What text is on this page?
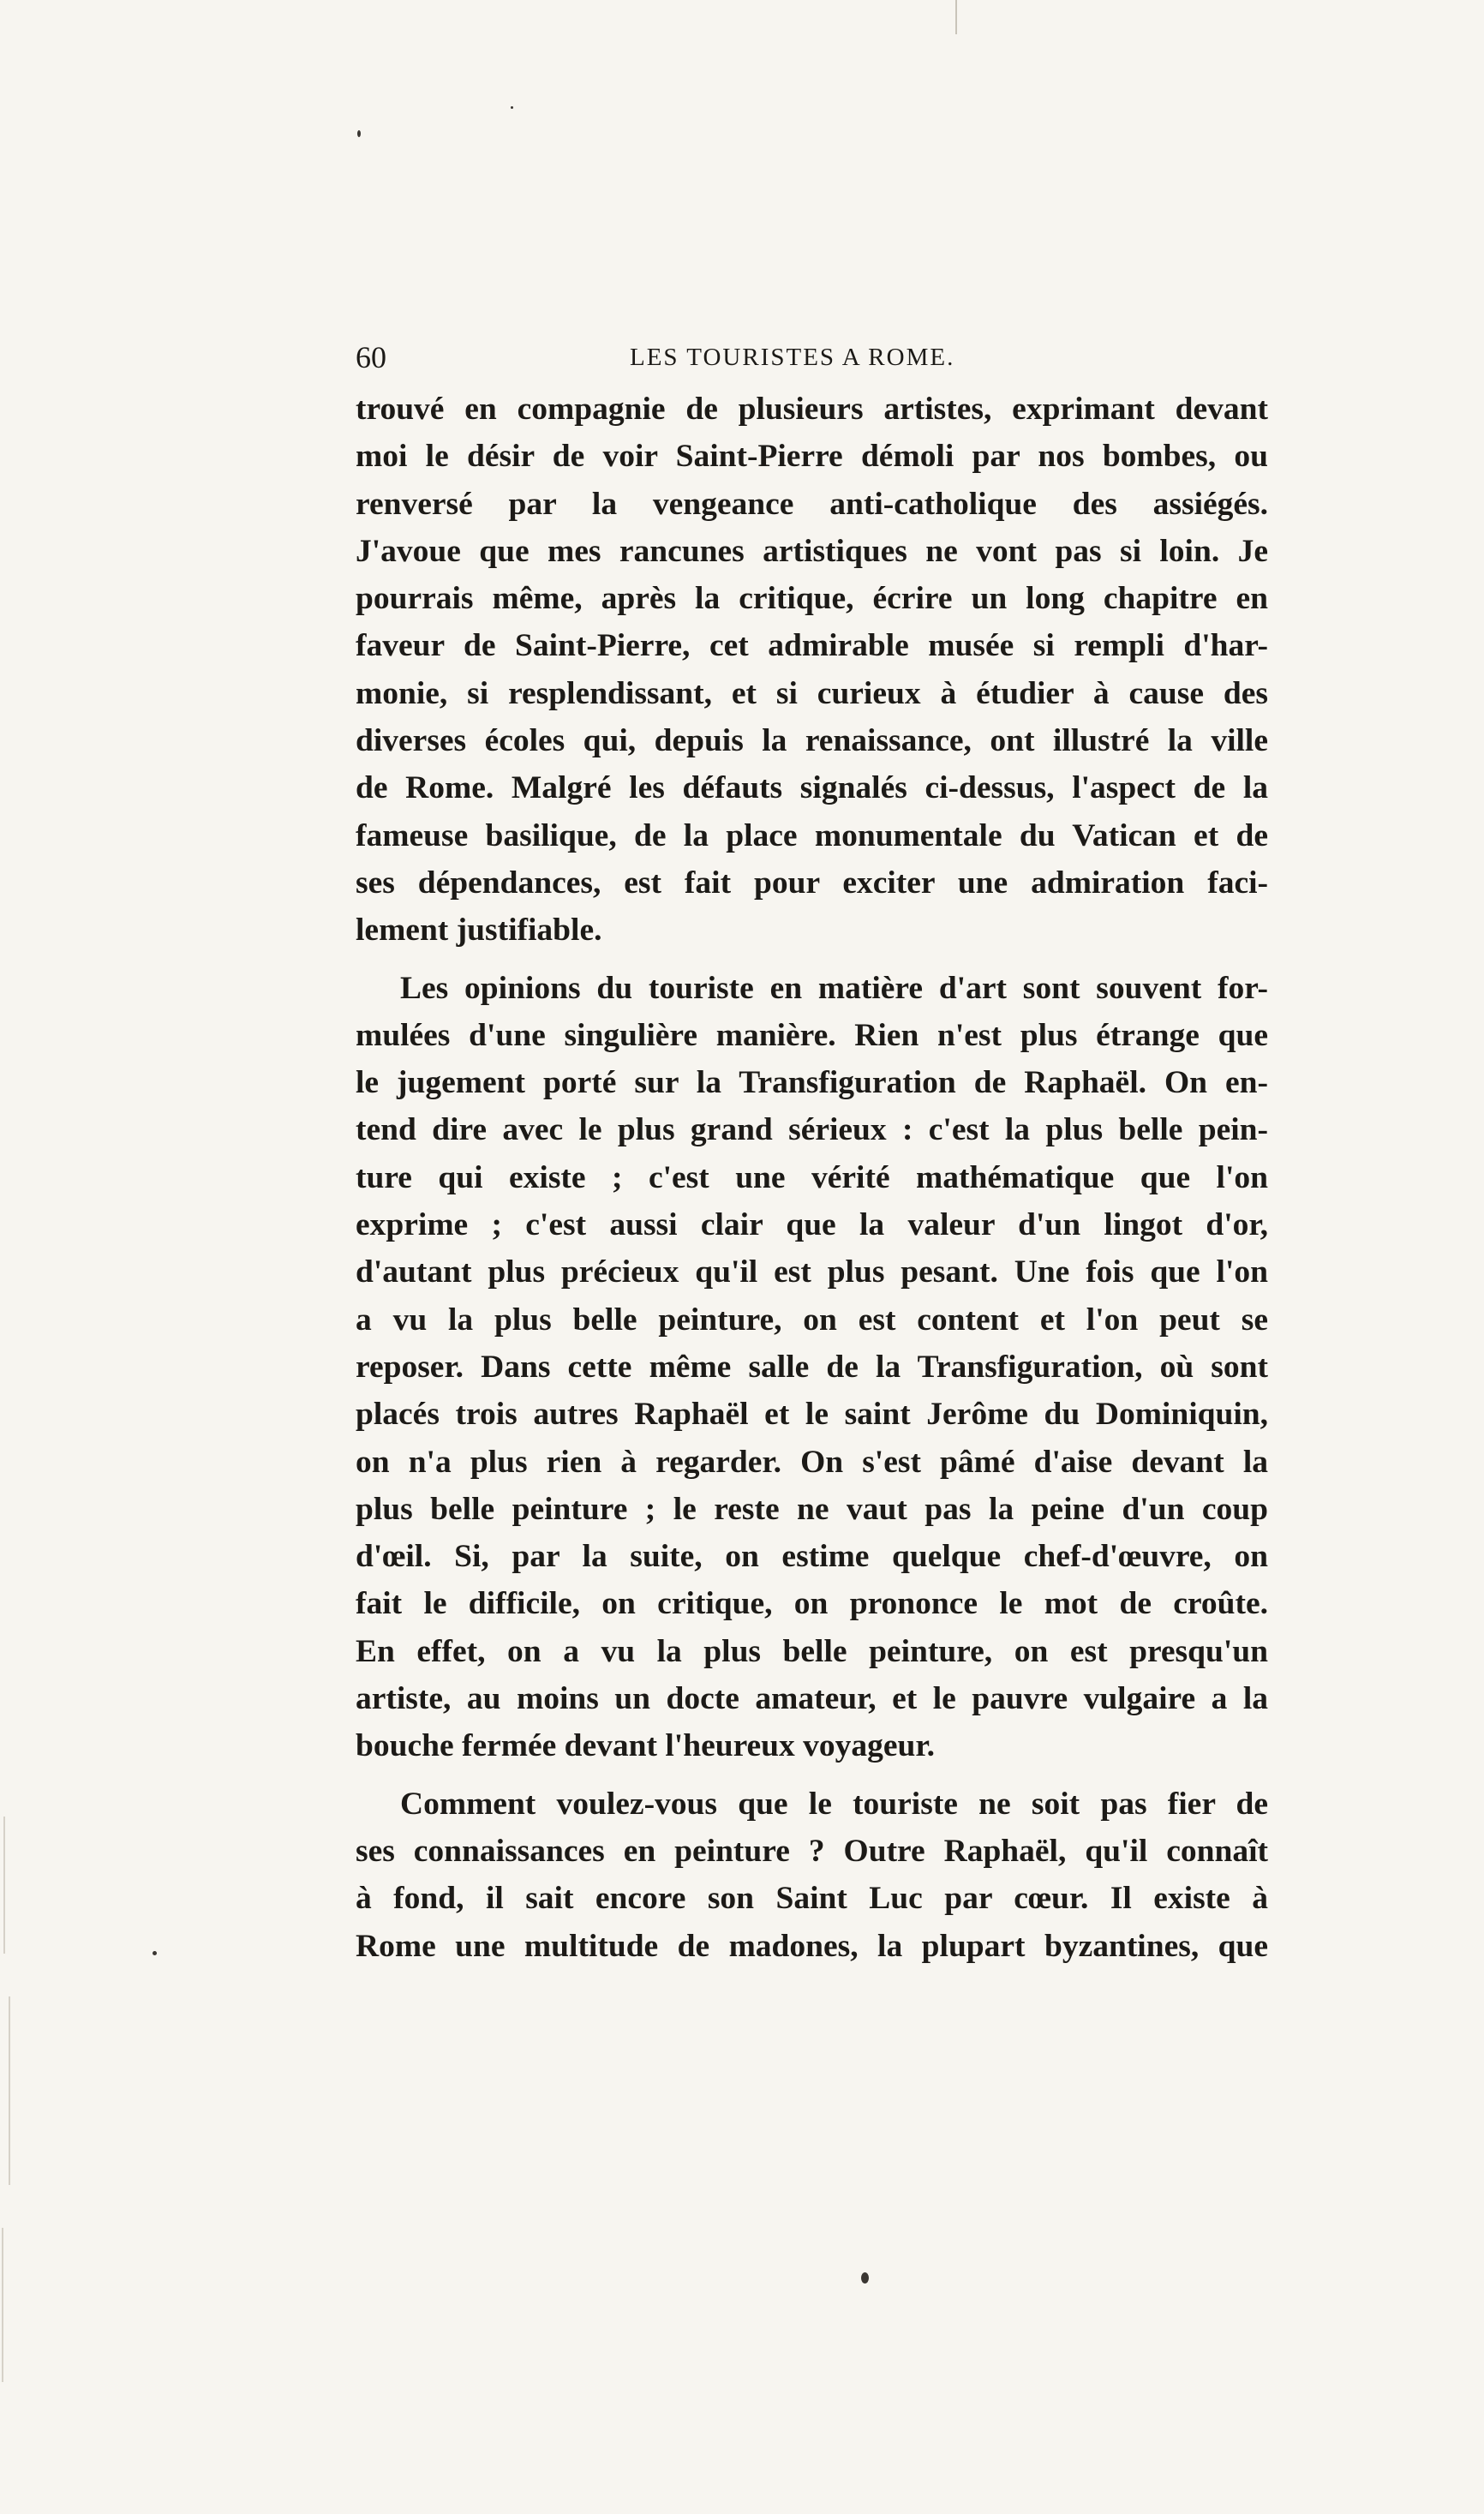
60	LES TOURISTES A ROME.

trouvé en compagnie de plusieurs artistes, exprimant devant
moi le désir de voir Saint-Pierre démoli par nos bombes, ou
renversé par la vengeance anti-catholique des assiégés.
J'avoue que mes rancunes artistiques ne vont pas si loin. Je
pourrais même, après la critique, écrire un long chapitre en
faveur de Saint-Pierre, cet admirable musée si rempli d'har-
monie, si resplendissant, et si curieux à étudier à cause des
diverses écoles qui, depuis la renaissance, ont illustré la ville
de Rome. Malgré les défauts signalés ci-dessus, l'aspect de la
fameuse basilique, de la place monumentale du Vatican et de
ses dépendances, est fait pour exciter une admiration faci-
lement justifiable.

Les opinions du touriste en matière d'art sont souvent for-
mulées d'une singulière manière. Rien n'est plus étrange que
le jugement porté sur la Transfiguration de Raphaël. On en-
tend dire avec le plus grand sérieux : c'est la plus belle pein-
ture qui existe ; c'est une vérité mathématique que l'on
exprime ; c'est aussi clair que la valeur d'un lingot d'or,
d'autant plus précieux qu'il est plus pesant. Une fois que l'on
a vu la plus belle peinture, on est content et l'on peut se
reposer. Dans cette même salle de la Transfiguration, où sont
placés trois autres Raphaël et le saint Jerôme du Dominiquin,
on n'a plus rien à regarder. On s'est pâmé d'aise devant la
plus belle peinture ; le reste ne vaut pas la peine d'un coup
d'œil. Si, par la suite, on estime quelque chef-d'œuvre, on
fait le difficile, on critique, on prononce le mot de croûte.
En effet, on a vu la plus belle peinture, on est presqu'un
artiste, au moins un docte amateur, et le pauvre vulgaire a la
bouche fermée devant l'heureux voyageur.

Comment voulez-vous que le touriste ne soit pas fier de
ses connaissances en peinture ? Outre Raphaël, qu'il connaît
à fond, il sait encore son Saint Luc par cœur. Il existe à
Rome une multitude de madones, la plupart byzantines, que
